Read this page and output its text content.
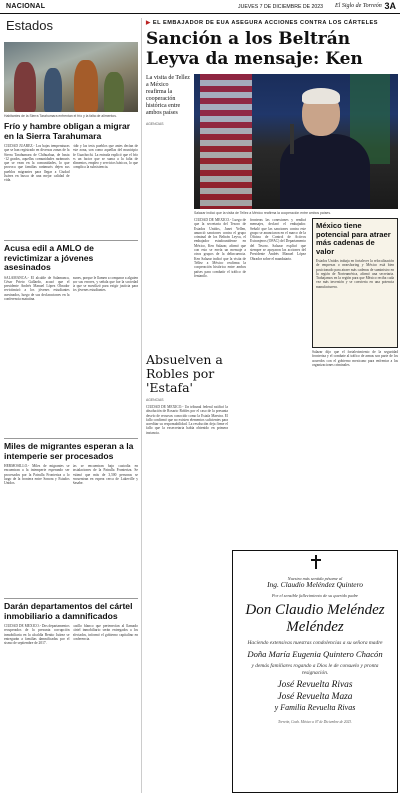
NACIONAL	JUEVES 7 DE DICIEMBRE DE 2023 El Siglo de Torreón 3A
Estados
Habitantes de la Sierra Tarahumara enfrentan el frío y la falta de alimentos.
Frío y hambre obligan a migrar en la Sierra Tarahumara
CIUDAD JUÁREZ.- Los bajas temperaturas que se han registrado en diversas zonas de la Sierra Tarahumara de Chihuahua, de hasta -12 grados, aquellas comunidades rarámuris que se vean en la comunidades, lo que provoca que familias rarámuris dejen sus pueblos migrantes para llegar a Ciudad Juárez en busca de una mejor calidad de vida.
ridir y las tesis pueblos que antes decían de este zona, son como aquellas del municipio de Guachochi. La entrada explicó que el frío es un factor que se suma a la falta de alimentos, empleo y servicios básicos, lo que complica la subsistencia.
Acusa edil a AMLO de revictimizar a jóvenes asesinados
SALAMANCA.- El alcalde de Salamanca, César Prieto Gallardo, acusó que el presidente Andrés Manuel López Obrador revictimizó a los jóvenes estudiantes asesinados, luego de sus declaraciones en la conferencia matutina.
nunes, porque le llamen a comparar a alguien por sus errores, y señala que fue la sociedad la que se movilizó para exigir justicia para los jóvenes estudiantes.
Miles de migrantes esperan a la intemperie ser procesados
HERMOSILLO.- Miles de migrantes se encuentran a la intemperie esperando ser procesados por la Patrulla Fronteriza a lo largo de la frontera entre Sonora y Estados Unidos.
las se encuentran bajo custodia en instalaciones de la Patrulla Fronteriza. Se estimó que más de 3,500 personas se encuentran en espera cerca de Lukeville y Sasabe.
Darán departamentos del cártel inmobiliario a damnificados
CIUDAD DE MÉXICO.- Dos departamentos recuperados de la presunta corrupción inmobiliaria en la alcaldía Benito Juárez se entregarán a familias damnificadas por el sismo de septiembre de 2017.
casillo blanco que pertenecían al llamado cártel inmobiliario serán entregados a los afectados, informó el gobierno capitalino en conferencia.
▶ EL EMBAJADOR DE EUA ASEGURA ACCIONES CONTRA LOS CÁRTELES
Sanción a los Beltrán Leyva da mensaje: Ken
La visita de Tellez a México reafirma la cooperación histórica entre ambos países
AGENCIAS
Salazar indicó que la visita de Tellez a México reafirma la cooperación entre ambos países.
CIUDAD DE MÉXICO.- Luego de que la secretaria del Tesoro de Estados Unidos, Janet Yellen, anunció sanciones contra el grupo criminal de los Beltrán Leyva, el embajador estadounidense en México, Ken Salazar, afirmó que con esto se envía un mensaje a otros grupos de la delincuencia. Ken Salazar indicó que la visita de Tellez a México reafirma la cooperación histórica entre ambos países para combatir el tráfico de fentanilo.
fronteras las conexiones y rendirá mensajes, declaró el embajador. Señaló que las sanciones contra este grupo se anunciaron en el marco de la Oficina de Control de Activos Extranjeros (OFAC) del Departamento del Tesoro. Salazar explicó que siempre se apoyaron las acciones del Presidente Andrés Manuel López Obrador sobre el mandatario.
México tiene potencial para atraer más cadenas de valor
Estados Unidos trabaja en fortalecer la relocalización de empresas o nearshoring y México está bien posicionado para atraer más cadenas de suministro en la región de Norteamérica, afirmó una secretaria. Trabajamos en la región para que México reciba cada vez más inversión y se convierta en una potencia manufacturera.
Absuelven a Robles por 'Estafa'
AGENCIAS
CIUDAD DE MÉXICO.- Un tribunal federal ratificó la absolución de Rosario Robles por el caso de la presunta desvío de recursos conocido como la Estafa Maestra. El fallo confirmó que no existen elementos suficientes para acreditar su responsabilidad. La resolución deja firme el fallo que la exsecretaria había obtenido en primera instancia.
Salazar dijo que el fortalecimiento de la seguridad fronteriza y el combate al tráfico de armas son parte de los acuerdos con el gobierno mexicano para enfrentar a las organizaciones criminales.
Nuestra más sentida pésame al
Ing. Claudio Meléndez Quintero
Por el sensible fallecimiento de su querido padre
Don Claudio Meléndez Meléndez
Hacíendo extensivas nuestras condolencias a su señora madre
Doña María Eugenia Quintero Chacón
y demás familiares rogando a Dios le de consuelo y pronta resignación.
José Revuelta Rivas
José Revuelta Maza
y Familia Revuelta Rivas
Torreón, Coah. México a 07 de Diciembre de 2023.
